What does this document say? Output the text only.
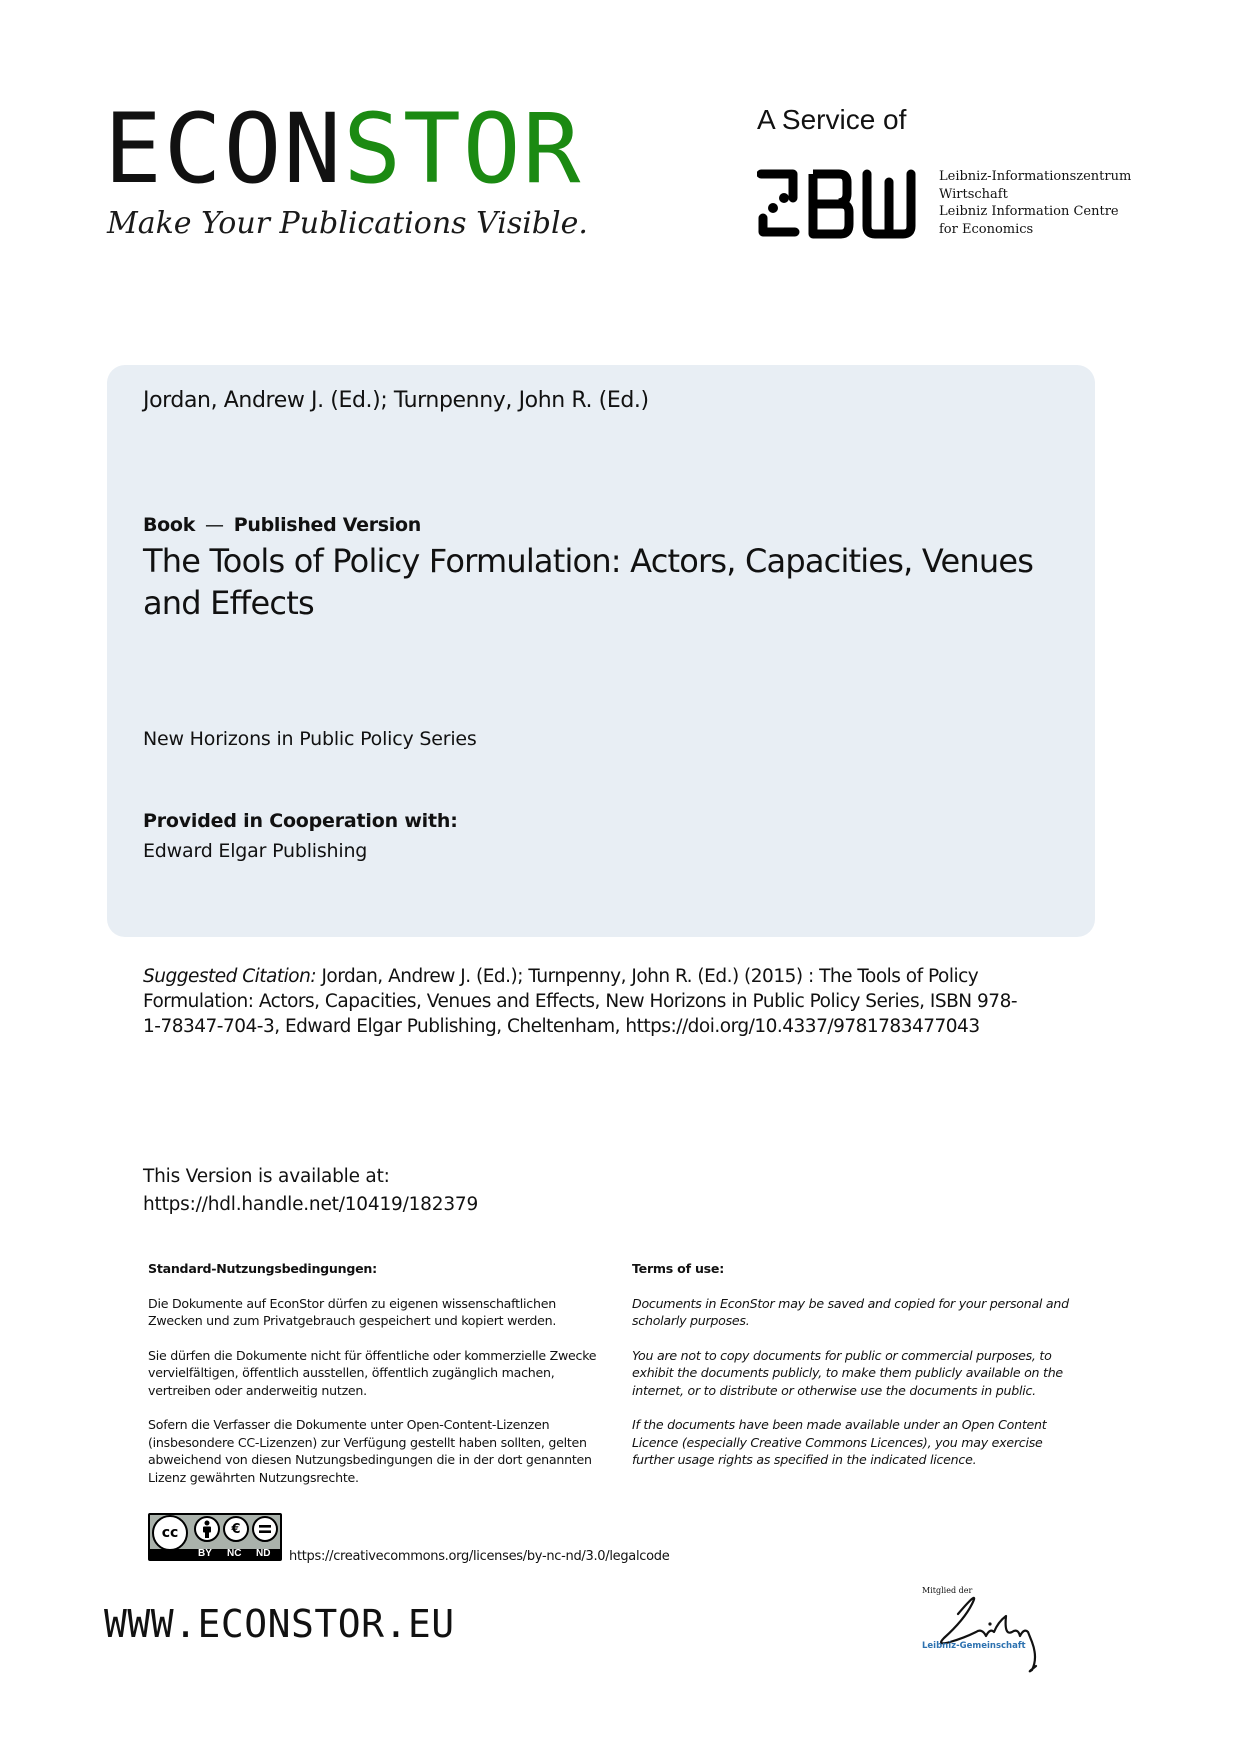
ECONSTOR
Make Your Publications Visible.
A Service of
Leibniz-Informationszentrum
Wirtschaft
Leibniz Information Centre
for Economics
Jordan, Andrew J. (Ed.); Turnpenny, John R. (Ed.)
Book — Published Version
The Tools of Policy Formulation: Actors, Capacities, Venues and Effects
New Horizons in Public Policy Series
Provided in Cooperation with:
Edward Elgar Publishing
Suggested Citation: Jordan, Andrew J. (Ed.); Turnpenny, John R. (Ed.) (2015) : The Tools of Policy Formulation: Actors, Capacities, Venues and Effects, New Horizons in Public Policy Series, ISBN 978-1-78347-704-3, Edward Elgar Publishing, Cheltenham, https://doi.org/10.4337/9781783477043
This Version is available at:
https://hdl.handle.net/10419/182379
Standard-Nutzungsbedingungen:

Die Dokumente auf EconStor dürfen zu eigenen wissenschaftlichen Zwecken und zum Privatgebrauch gespeichert und kopiert werden.

Sie dürfen die Dokumente nicht für öffentliche oder kommerzielle Zwecke vervielfältigen, öffentlich ausstellen, öffentlich zugänglich machen, vertreiben oder anderweitig nutzen.

Sofern die Verfasser die Dokumente unter Open-Content-Lizenzen (insbesondere CC-Lizenzen) zur Verfügung gestellt haben sollten, gelten abweichend von diesen Nutzungsbedingungen die in der dort genannten Lizenz gewährten Nutzungsrechte.

Terms of use:

Documents in EconStor may be saved and copied for your personal and scholarly purposes.

You are not to copy documents for public or commercial purposes, to exhibit the documents publicly, to make them publicly available on the internet, or to distribute or otherwise use the documents in public.

If the documents have been made available under an Open Content Licence (especially Creative Commons Licences), you may exercise further usage rights as specified in the indicated licence.

cc	€
BY NC ND https://creativecommons.org/licenses/by-nc-nd/3.0/legalcode
WWW.ECONSTOR.EU
Mitglied der
Leibniz-Gemeinschaft
